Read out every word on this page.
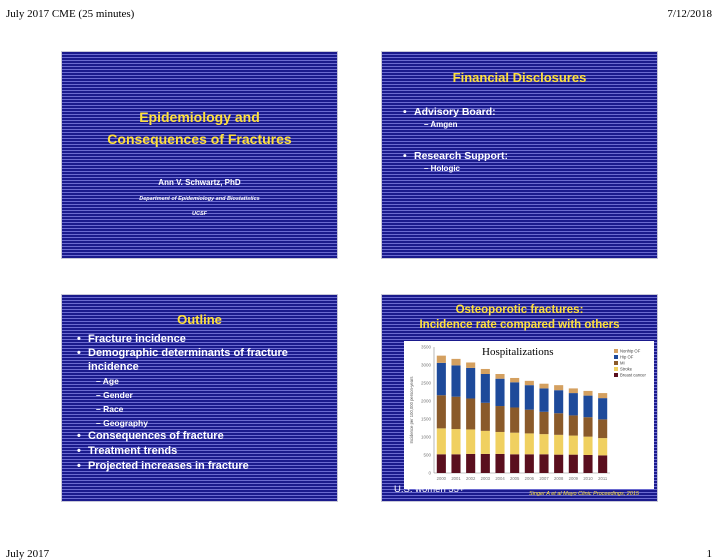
July 2017 CME (25 minutes)	7/12/2018
Epidemiology and
Consequences of Fractures
Ann V. Schwartz, PhD
Department of Epidemiology and Biostatistics
UCSF
Financial Disclosures
• Advisory Board:
– Amgen
• Research Support:
– Hologic
Outline
• Fracture incidence
• Demographic determinants of fracture incidence
– Age
– Gender
– Race
– Geography
• Consequences of fracture
• Treatment trends
• Projected increases in fracture
Osteoporotic fractures:
Incidence rate compared with others
0
500
1000
1500
2000
2500
3000
3500
Incidence per 100,000 person-years
2000 2001 2002 2003 2004 2005 2006 2007 2008 2009 2010 2011
Nonhip OF
Hip OF
MI
Stroke
Breast cancer
Hospitalizations
U.S. women 55+	Singer A et al Mayo Clinic Proceedings, 2015
July 2017	1
